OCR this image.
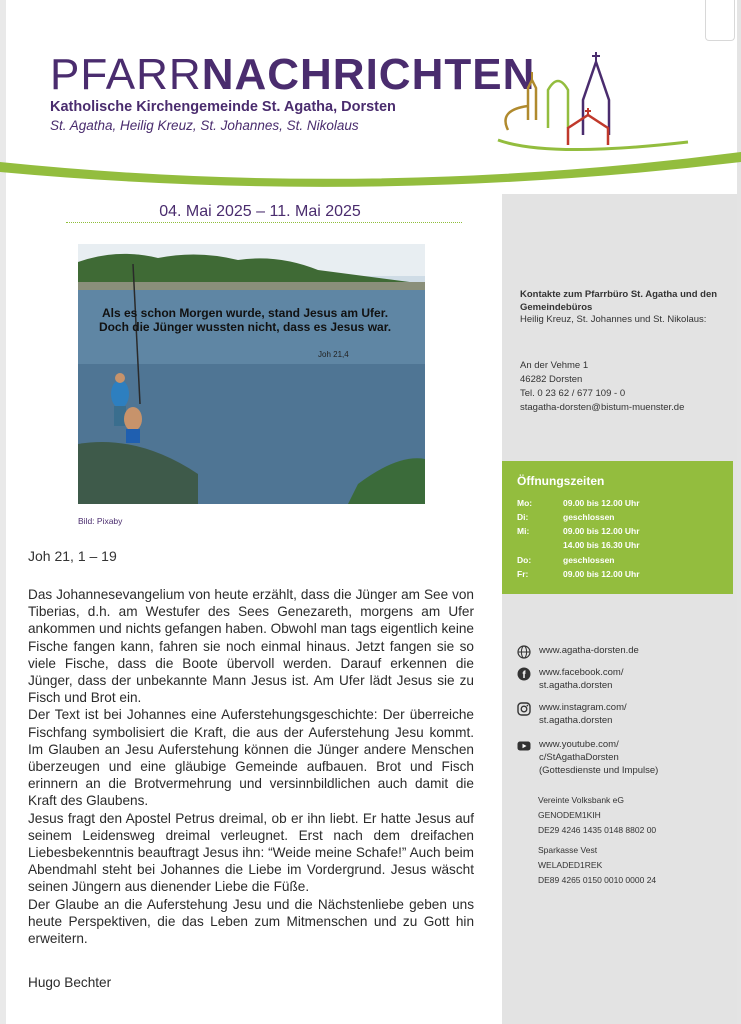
PFARRNACHRICHTEN
Katholische Kirchengemeinde St. Agatha, Dorsten
St. Agatha, Heilig Kreuz, St. Johannes, St. Nikolaus
04. Mai 2025 – 11. Mai 2025
Als es schon Morgen wurde, stand Jesus am Ufer. Doch die Jünger wussten nicht, dass es Jesus war.
Joh 21,4
Bild: Pixaby
Joh 21, 1 – 19

Das Johannesevangelium von heute erzählt, dass die Jünger am See von Tiberias, d.h. am Westufer des Sees Genezareth, morgens am Ufer ankommen und nichts gefangen haben. Obwohl man tags eigentlich keine Fische fangen kann, fahren sie noch einmal hinaus. Jetzt fangen sie so viele Fische, dass die Boote übervoll werden. Darauf erkennen die Jünger, dass der unbekannte Mann Jesus ist. Am Ufer lädt Jesus sie zu Fisch und Brot ein.

Der Text ist bei Johannes eine Auferstehungsgeschichte: Der überreiche Fischfang symbolisiert die Kraft, die aus der Auferstehung Jesu kommt. Im Glauben an Jesu Auferstehung können die Jünger andere Menschen überzeugen und eine gläubige Gemeinde aufbauen. Brot und Fisch erinnern an die Brotvermehrung und versinnbildlichen auch damit die Kraft des Glaubens.

Jesus fragt den Apostel Petrus dreimal, ob er ihn liebt. Er hatte Jesus auf seinem Leidensweg dreimal verleugnet. Erst nach dem dreifachen Liebesbekenntnis beauftragt Jesus ihn: “Weide meine Schafe!” Auch beim Abendmahl steht bei Johannes die Liebe im Vordergrund. Jesus wäscht seinen Jüngern aus dienender Liebe die Füße.

Der Glaube an die Auferstehung Jesu und die Nächstenliebe geben uns heute Perspektiven, die das Leben zum Mitmenschen und zu Gott hin erweitern.

Hugo Bechter
Kontakte zum Pfarrbüro St. Agatha und den Gemeindebüros
Heilig Kreuz, St. Johannes und St. Nikolaus:
An der Vehme 1
46282 Dorsten
Tel. 0 23 62 / 677 109 - 0
stagatha-dorsten@bistum-muenster.de
Öffnungszeiten
Mo:	09.00 bis 12.00 Uhr
Di:	geschlossen
Mi:	09.00 bis 12.00 Uhr
14.00 bis 16.30 Uhr
Do:	geschlossen
Fr:	09.00 bis 12.00 Uhr
www.agatha-dorsten.de
f www.facebook.com/
st.agatha.dorsten
www.instagram.com/
st.agatha.dorsten
www.youtube.com/
c/StAgathaDorsten
(Gottesdienste und Impulse)
Vereinte Volksbank eG
GENODEM1KIH
DE29 4246 1435 0148 8802 00
Sparkasse Vest
WELADED1REK
DE89 4265 0150 0010 0000 24
